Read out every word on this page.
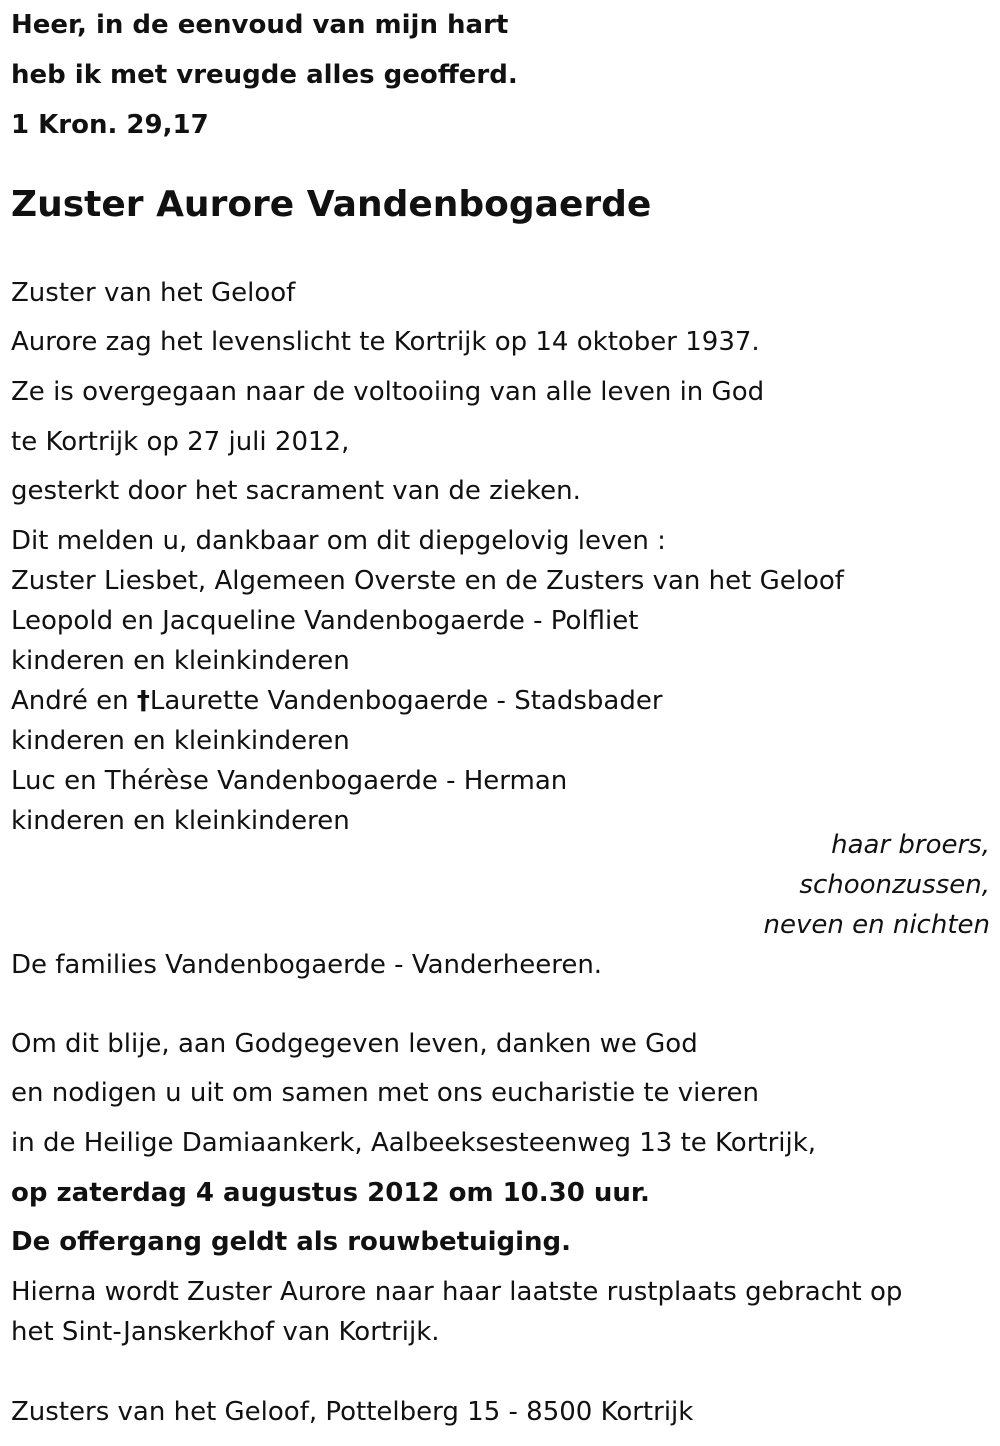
Heer, in de eenvoud van mijn hart
heb ik met vreugde alles geofferd.
1 Kron. 29,17
Zuster Aurore Vandenbogaerde
Zuster van het Geloof
Aurore zag het levenslicht te Kortrijk op 14 oktober 1937.
Ze is overgegaan naar de voltooiing van alle leven in God
te Kortrijk op 27 juli 2012,
gesterkt door het sacrament van de zieken.
Dit melden u, dankbaar om dit diepgelovig leven :
Zuster Liesbet, Algemeen Overste en de Zusters van het Geloof
Leopold en Jacqueline Vandenbogaerde - Polfliet
kinderen en kleinkinderen
André en †Laurette Vandenbogaerde - Stadsbader
kinderen en kleinkinderen
Luc en Thérèse Vandenbogaerde - Herman
kinderen en kleinkinderen
haar broers,
schoonzussen,
neven en nichten
De families Vandenbogaerde - Vanderheeren.
Om dit blije, aan Godgegeven leven, danken we God
en nodigen u uit om samen met ons eucharistie te vieren
in de Heilige Damiaankerk, Aalbeeksesteenweg 13 te Kortrijk,
op zaterdag 4 augustus 2012 om 10.30 uur.
De offergang geldt als rouwbetuiging.
Hierna wordt Zuster Aurore naar haar laatste rustplaats gebracht op
het Sint-Janskerkhof van Kortrijk.
Zusters van het Geloof, Pottelberg 15 - 8500 Kortrijk
